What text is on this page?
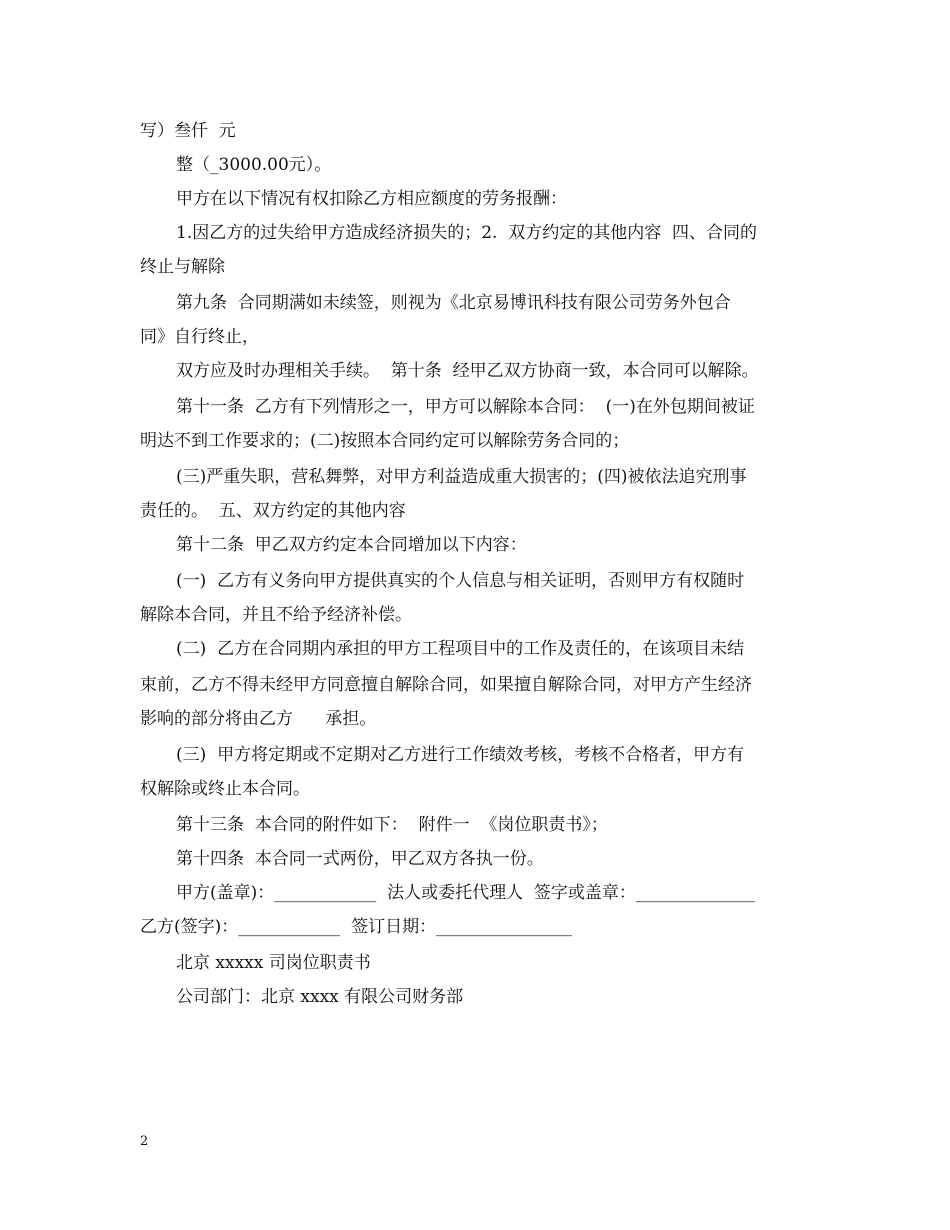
写）叁仟  元
整（_3000.00元）。
甲方在以下情况有权扣除乙方相应额度的劳务报酬：
1.因乙方的过失给甲方造成经济损失的；2.  双方约定的其他内容  四、合同的
终止与解除
第九条  合同期满如未续签，则视为《北京易博讯科技有限公司劳务外包合
同》自行终止，
双方应及时办理相关手续。  第十条  经甲乙双方协商一致，本合同可以解除。
第十一条  乙方有下列情形之一，甲方可以解除本合同：  (一)在外包期间被证
明达不到工作要求的；(二)按照本合同约定可以解除劳务合同的；
(三)严重失职，营私舞弊，对甲方利益造成重大损害的；(四)被依法追究刑事
责任的。  五、双方约定的其他内容
第十二条  甲乙双方约定本合同增加以下内容：
(一)  乙方有义务向甲方提供真实的个人信息与相关证明，否则甲方有权随时
解除本合同，并且不给予经济补偿。
(二)  乙方在合同期内承担的甲方工程项目中的工作及责任的，在该项目未结
束前，乙方不得未经甲方同意擅自解除合同，如果擅自解除合同，对甲方产生经济
影响的部分将由乙方      承担。
(三)  甲方将定期或不定期对乙方进行工作绩效考核，考核不合格者，甲方有
权解除或终止本合同。
第十三条  本合同的附件如下：  附件一  《岗位职责书》；
第十四条  本合同一式两份，甲乙双方各执一份。
甲方(盖章)：____________  法人或委托代理人  签字或盖章：______________
乙方(签字)：____________  签订日期：________________
北京 xxxxx 司岗位职责书
公司部门：北京 xxxx 有限公司财务部
2
